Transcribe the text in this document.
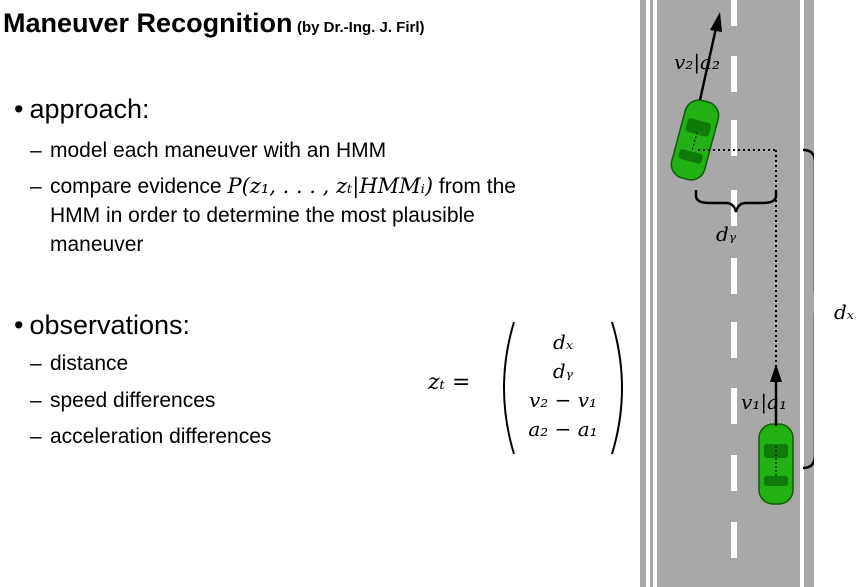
Maneuver Recognition (by Dr.-Ing. J. Firl)
• approach:
– model each maneuver with an HMM
– compare evidence P(z₁, . . . , zₜ|HMMᵢ) from the
HMM in order to determine the most plausible
maneuver
• observations:
– distance
– speed differences
– acceleration differences
zₜ =
dₓ
dᵧ
v₂ − v₁
a₂ − a₁
v₂|a₂
v₁|a₁
dᵧ
dₓ
